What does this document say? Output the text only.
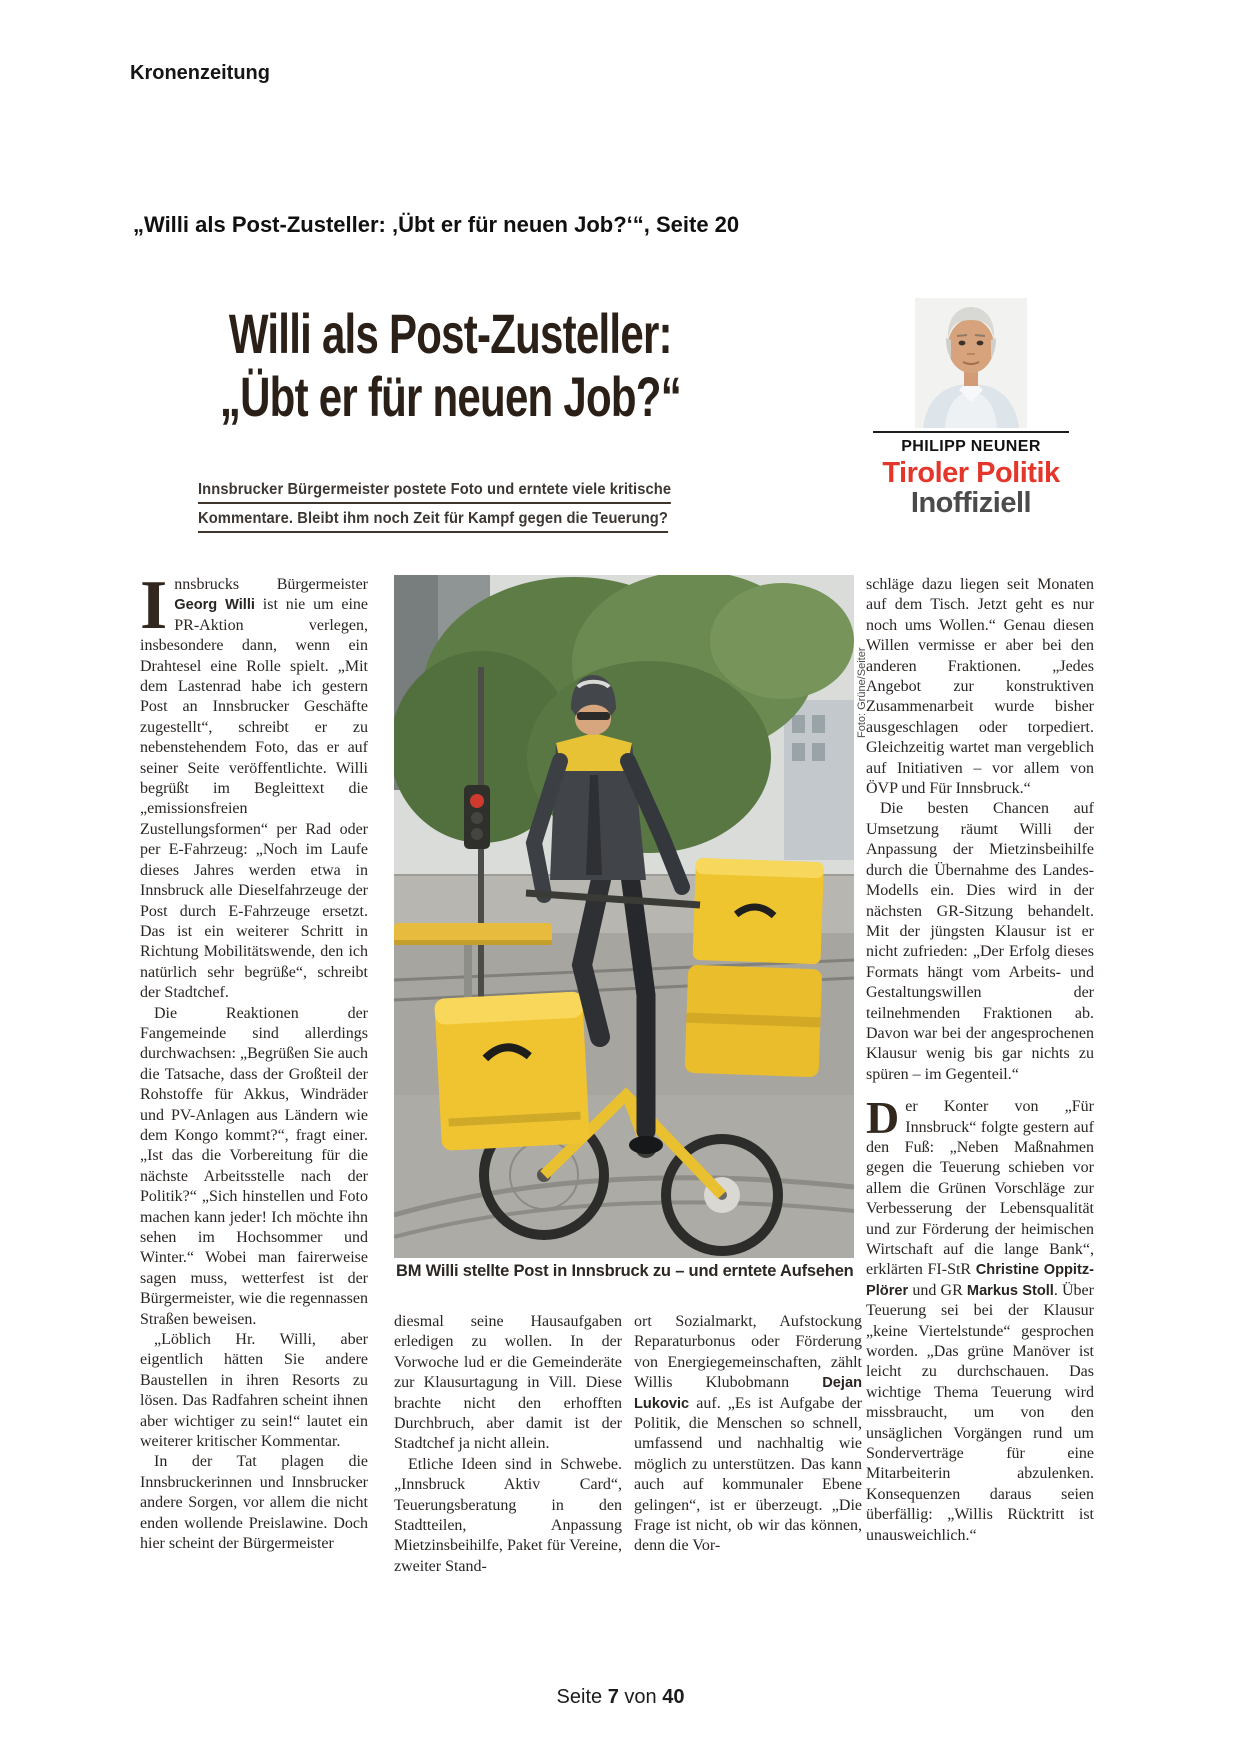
Kronenzeitung
„Willi als Post-Zusteller: ‚Übt er für neuen Job?‘“, Seite 20
Willi als Post-Zusteller:
„Übt er für neuen Job?“
Innsbrucker Bürgermeister postete Foto und erntete viele kritische
Kommentare. Bleibt ihm noch Zeit für Kampf gegen die Teuerung?
PHILIPP NEUNER
Tiroler Politik
Inoffiziell

Innsbrucks Bürgermeister Georg Willi ist nie um eine PR-Aktion verlegen, insbesondere dann, wenn ein Drahtesel eine Rolle spielt. „Mit dem Lastenrad habe ich gestern Post an Innsbrucker Geschäfte zugestellt“, schreibt er zu nebenstehendem Foto, das er auf seiner Seite veröffentlichte. Willi begrüßt im Begleittext die „emissionsfreien Zustellungsformen“ per Rad oder per E-Fahrzeug: „Noch im Laufe dieses Jahres werden etwa in Innsbruck alle Dieselfahrzeuge der Post durch E-Fahrzeuge ersetzt. Das ist ein weiterer Schritt in Richtung Mobilitätswende, den ich natürlich sehr begrüße“, schreibt der Stadtchef.

Die Reaktionen der Fangemeinde sind allerdings durchwachsen: „Begrüßen Sie auch die Tatsache, dass der Großteil der Rohstoffe für Akkus, Windräder und PV-Anlagen aus Ländern wie dem Kongo kommt?“, fragt einer. „Ist das die Vorbereitung für die nächste Arbeitsstelle nach der Politik?“ „Sich hinstellen und Foto machen kann jeder! Ich möchte ihn sehen im Hochsommer und Winter.“ Wobei man fairerweise sagen muss, wetterfest ist der Bürgermeister, wie die regennassen Straßen beweisen.

„Löblich Hr. Willi, aber eigentlich hätten Sie andere Baustellen in ihren Resorts zu lösen. Das Radfahren scheint ihnen aber wichtiger zu sein!“ lautet ein weiterer kritischer Kommentar.

In der Tat plagen die Innsbruckerinnen und Innsbrucker andere Sorgen, vor allem die nicht enden wollende Preislawine. Doch hier scheint der Bürgermeister

Foto: Grüne/Seiter
BM Willi stellte Post in Innsbruck zu – und erntete Aufsehen

diesmal seine Hausaufgaben erledigen zu wollen. In der Vorwoche lud er die Gemeinderäte zur Klausurtagung in Vill. Diese brachte nicht den erhofften Durchbruch, aber damit ist der Stadtchef ja nicht allein.

Etliche Ideen sind in Schwebe. „Innsbruck Aktiv Card“, Teuerungsberatung in den Stadtteilen, Anpassung Mietzinsbeihilfe, Paket für Vereine, zweiter Stand-

ort Sozialmarkt, Aufstockung Reparaturbonus oder Förderung von Energiegemeinschaften, zählt Willis Klubobmann Dejan Lukovic auf. „Es ist Aufgabe der Politik, die Menschen so schnell, umfassend und nachhaltig wie möglich zu unterstützen. Das kann auch auf kommunaler Ebene gelingen“, ist er überzeugt. „Die Frage ist nicht, ob wir das können, denn die Vor-

schläge dazu liegen seit Monaten auf dem Tisch. Jetzt geht es nur noch ums Wollen.“ Genau diesen Willen vermisse er aber bei den anderen Fraktionen. „Jedes Angebot zur konstruktiven Zusammenarbeit wurde bisher ausgeschlagen oder torpediert. Gleichzeitig wartet man vergeblich auf Initiativen – vor allem von ÖVP und Für Innsbruck.“

Die besten Chancen auf Umsetzung räumt Willi der Anpassung der Mietzinsbeihilfe durch die Übernahme des Landes-Modells ein. Dies wird in der nächsten GR-Sitzung behandelt. Mit der jüngsten Klausur ist er nicht zufrieden: „Der Erfolg dieses Formats hängt vom Arbeits- und Gestaltungswillen der teilnehmenden Fraktionen ab. Davon war bei der angesprochenen Klausur wenig bis gar nichts zu spüren – im Gegenteil.“

Der Konter von „Für Innsbruck“ folgte gestern auf den Fuß: „Neben Maßnahmen gegen die Teuerung schieben vor allem die Grünen Vorschläge zur Verbesserung der Lebensqualität und zur Förderung der heimischen Wirtschaft auf die lange Bank“, erklärten FI-StR Christine Oppitz-Plörer und GR Markus Stoll. Über Teuerung sei bei der Klausur „keine Viertelstunde“ gesprochen worden. „Das grüne Manöver ist leicht zu durchschauen. Das wichtige Thema Teuerung wird missbraucht, um von den unsäglichen Vorgängen rund um Sonderverträge für eine Mitarbeiterin abzulenken. Konsequenzen daraus seien überfällig: „Willis Rücktritt ist unausweichlich.“

Seite 7 von 40
